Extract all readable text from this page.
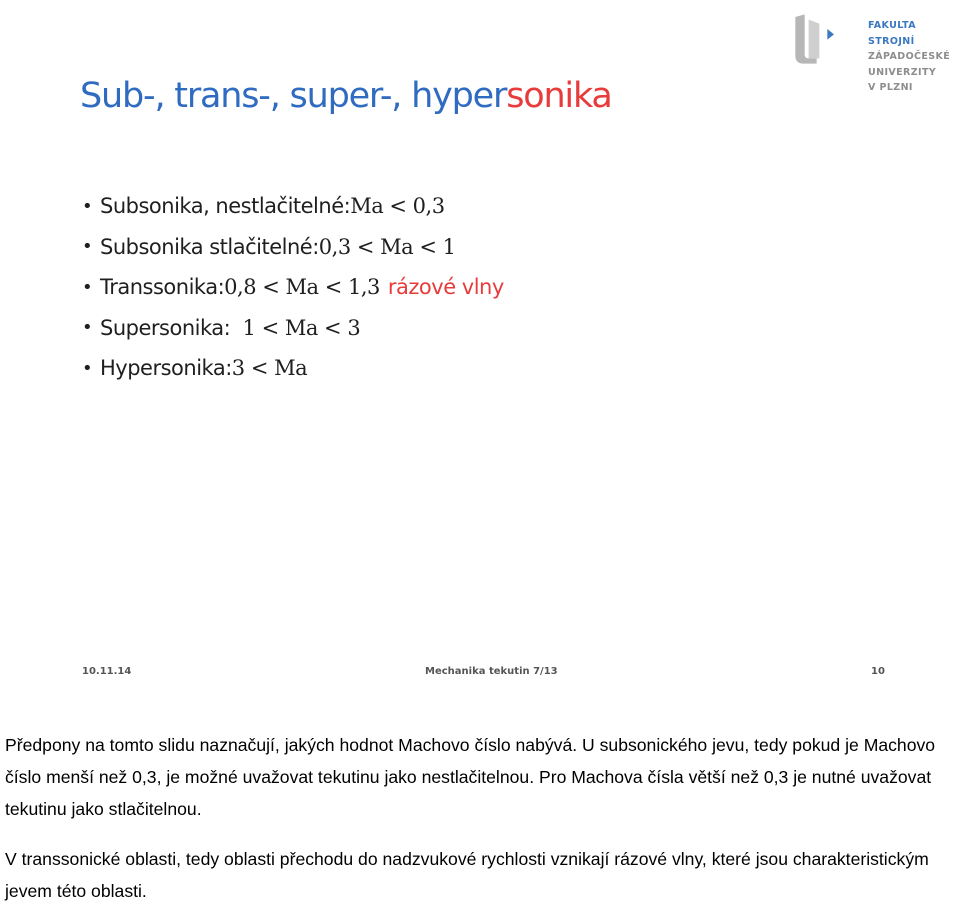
FAKULTA STROJNÍ
ZÁPADOČESKÉ
UNIVERZITY
V PLZNI
Sub-, trans-, super-, hypersonika
• Subsonika, nestlačitelné: Ma < 0,3
• Subsonika stlačitelné: 0,3 < Ma < 1
• Transsonika: 0,8 < Ma < 1,3 rázové vlny
• Supersonika: 1 < Ma < 3
• Hypersonika: 3 < Ma
10.11.14	Mechanika tekutin 7/13	10

Předpony na tomto slidu naznačují, jakých hodnot Machovo číslo nabývá. U subsonického jevu, tedy pokud je Machovo číslo menší než 0,3, je možné uvažovat tekutinu jako nestlačitelnou. Pro Machova čísla větší než 0,3 je nutné uvažovat tekutinu jako stlačitelnou.

V transsonické oblasti, tedy oblasti přechodu do nadzvukové rychlosti vznikají rázové vlny, které jsou charakteristickým jevem této oblasti.
